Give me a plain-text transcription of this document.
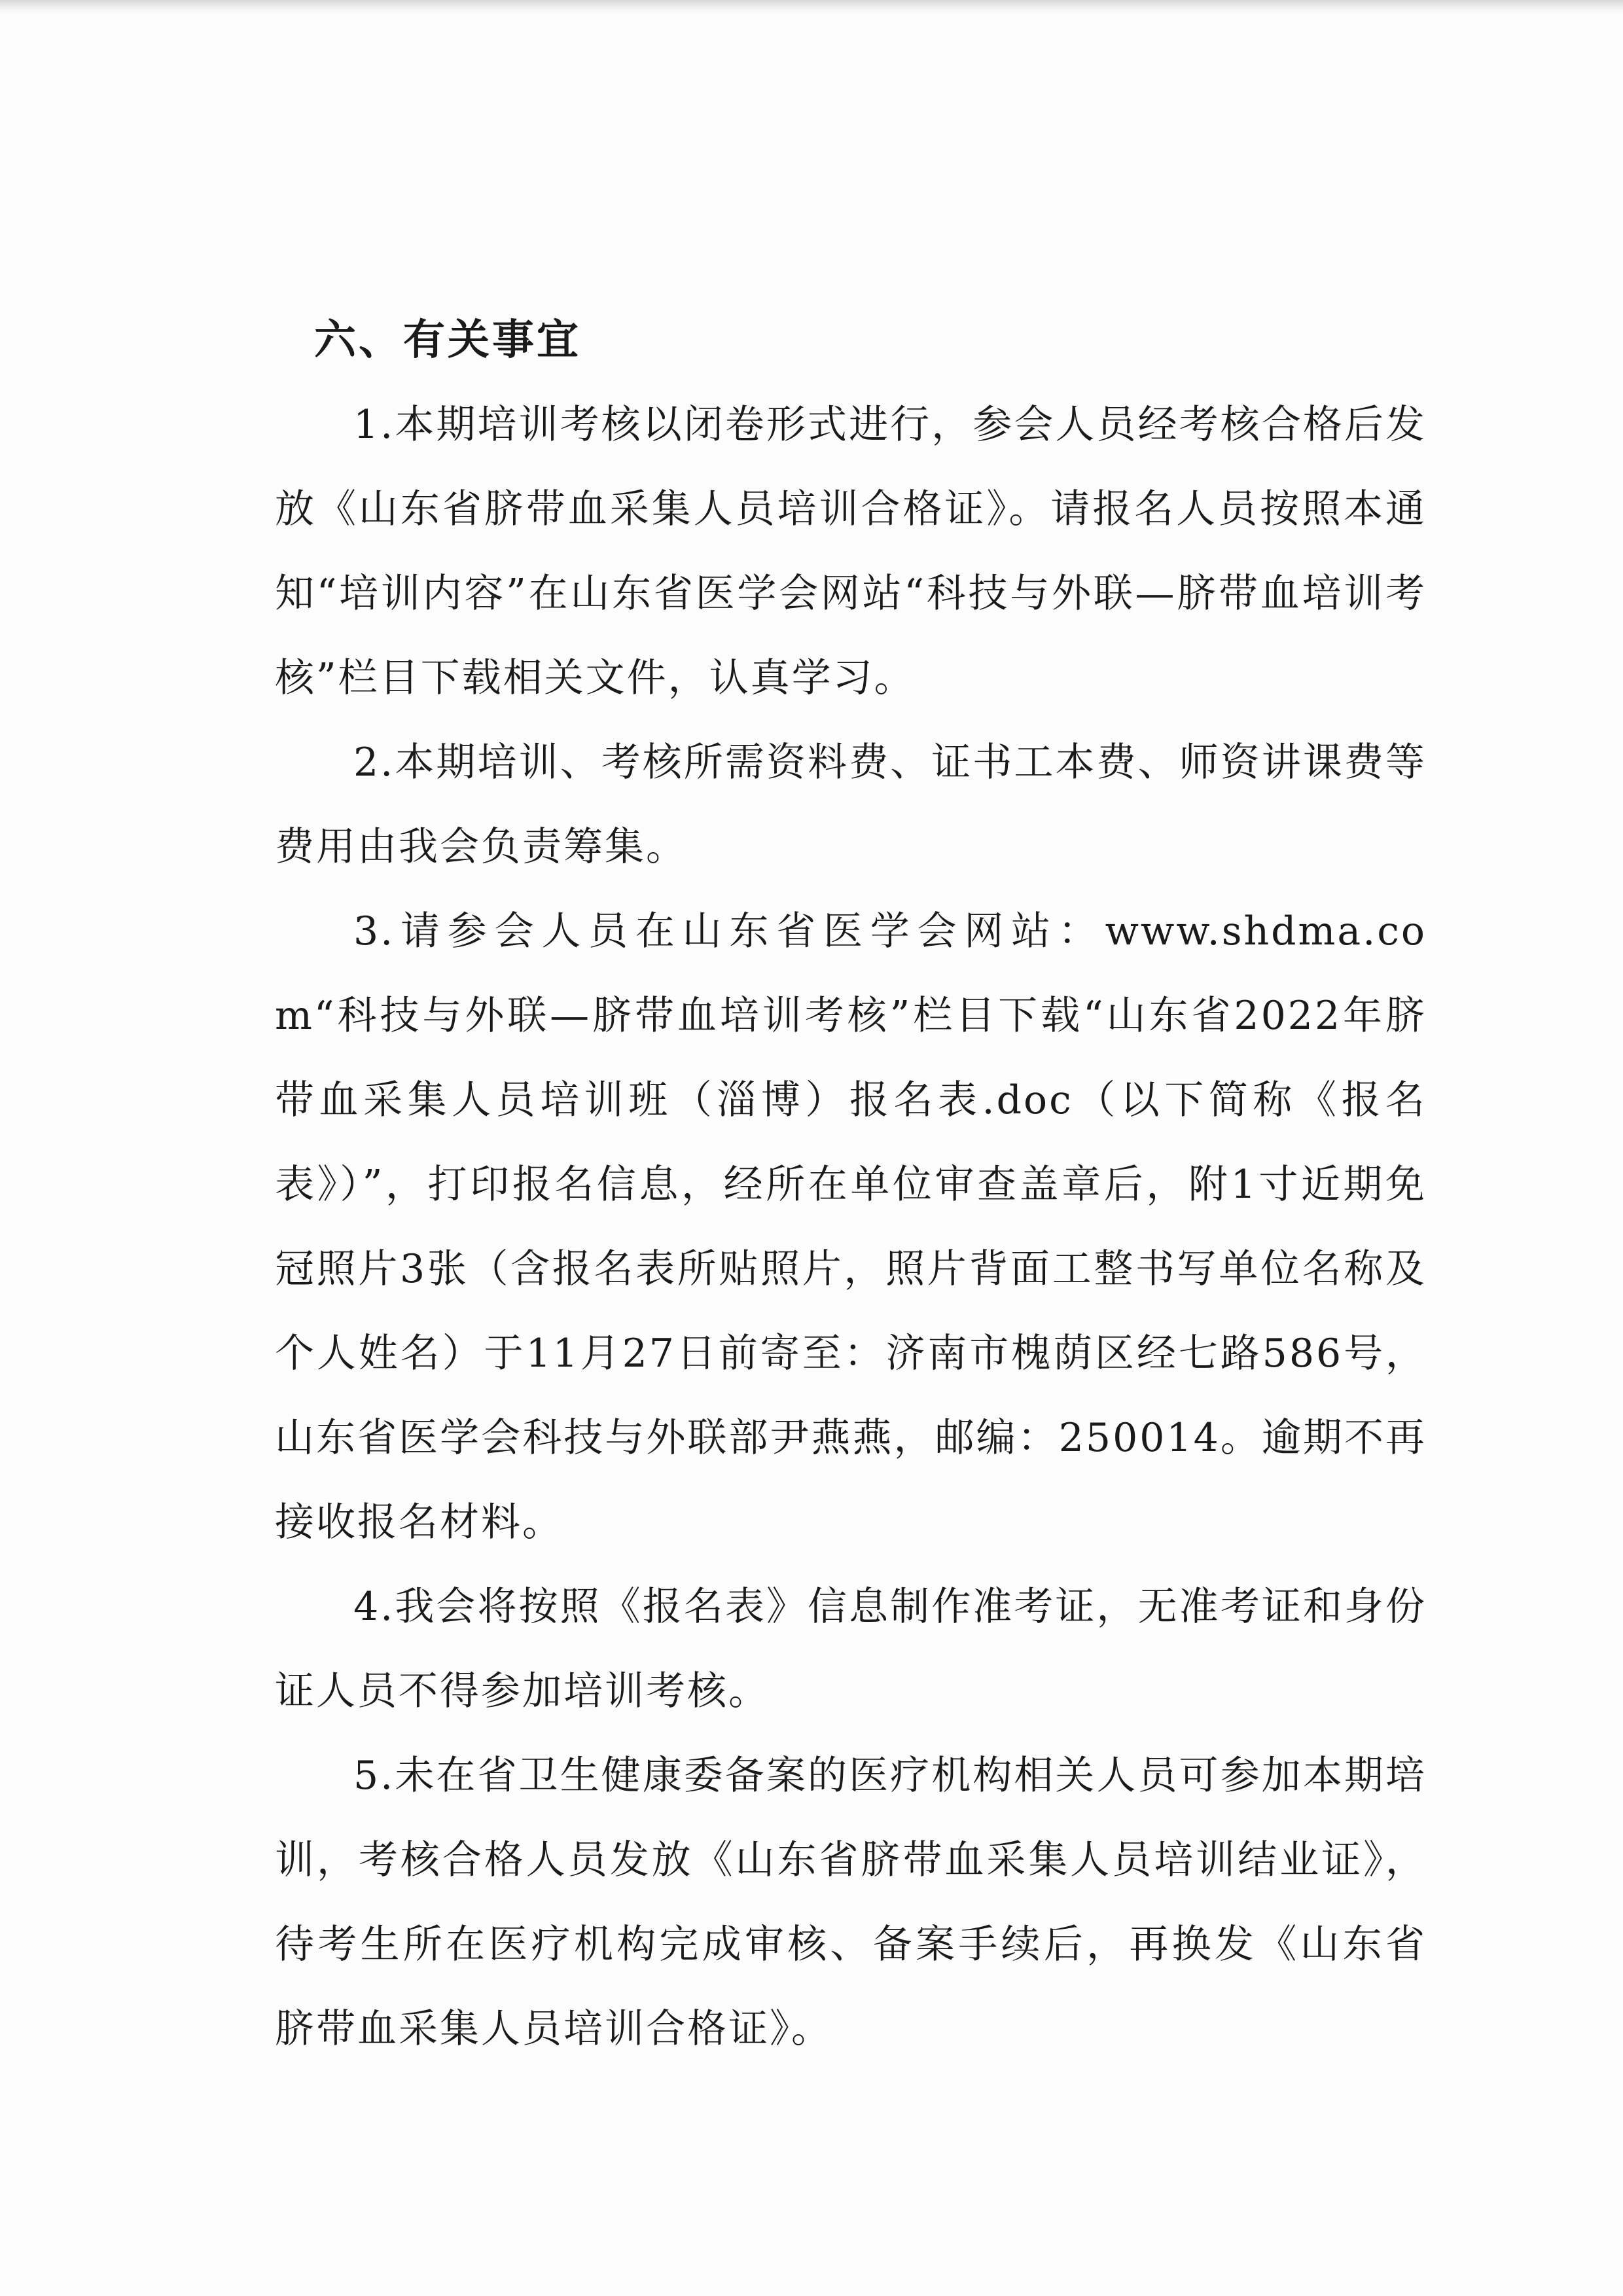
六、有关事宜

1.本期培训考核以闭卷形式进行，参会人员经考核合格后发放《山东省脐带血采集人员培训合格证》。请报名人员按照本通知“培训内容”在山东省医学会网站“科技与外联—脐带血培训考核”栏目下载相关文件，认真学习。

2.本期培训、考核所需资料费、证书工本费、师资讲课费等费用由我会负责筹集。

3.请参会人员在山东省医学会网站：www.shdma.com“科技与外联—脐带血培训考核”栏目下载“山东省2022年脐带血采集人员培训班（淄博）报名表.doc（以下简称《报名表》）”，打印报名信息，经所在单位审查盖章后，附1寸近期免冠照片3张（含报名表所贴照片，照片背面工整书写单位名称及个人姓名）于11月27日前寄至：济南市槐荫区经七路586号，山东省医学会科技与外联部尹燕燕，邮编：250014。逾期不再接收报名材料。

4.我会将按照《报名表》信息制作准考证，无准考证和身份证人员不得参加培训考核。

5.未在省卫生健康委备案的医疗机构相关人员可参加本期培训，考核合格人员发放《山东省脐带血采集人员培训结业证》，待考生所在医疗机构完成审核、备案手续后，再换发《山东省脐带血采集人员培训合格证》。
